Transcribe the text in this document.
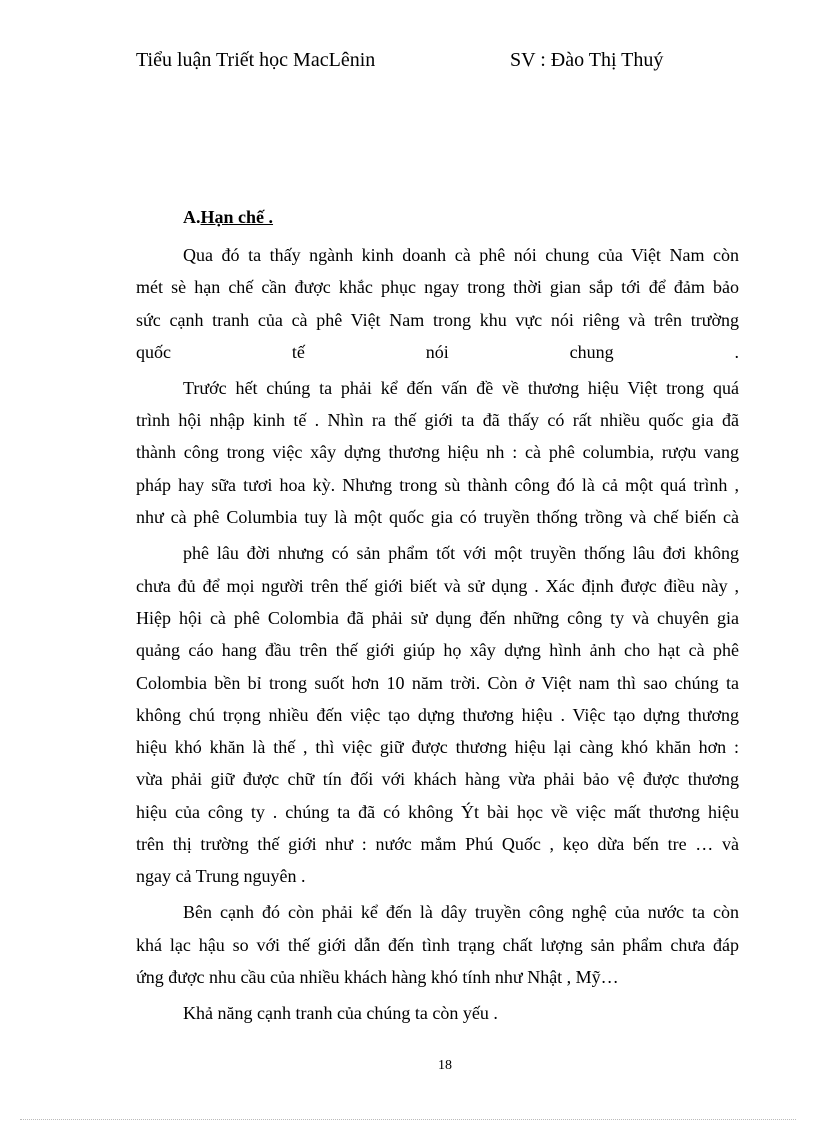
Tiểu luận Triết học MacLênin	SV : Đào Thị Thuý
A.Hạn chế .
Qua đó ta thấy ngành kinh doanh cà phê nói chung của Việt Nam còn
mét sè hạn chế cần được khắc phục ngay trong thời gian sắp tới để đảm bảo
sức cạnh tranh của cà phê Việt Nam trong khu vực nói riêng và trên trường
quốc tế nói chung .
Trước hết chúng ta phải kể đến vấn đề về thương hiệu Việt trong quá
trình hội nhập kinh tế . Nhìn ra thế giới ta đã thấy có rất nhiều quốc gia đã
thành công trong việc xây dựng thương hiệu nh : cà phê columbia, rượu vang
pháp hay sữa tươi hoa kỳ. Nhưng trong sù thành công đó là cả một quá trình ,
như cà phê Columbia tuy là một quốc gia có truyền thống trồng và chế biến cà
phê lâu đời nhưng có sản phẩm tốt với một truyền thống lâu đơi không
chưa đủ để mọi người trên thế giới biết và sử dụng . Xác định được điều này ,
Hiệp hội cà phê Colombia đã phải sử dụng đến những công ty và chuyên gia
quảng cáo hang đầu trên thế giới giúp họ xây dựng hình ảnh cho hạt cà phê
Colombia bền bỉ trong suốt hơn 10 năm trời. Còn ở Việt nam thì sao chúng ta
không chú trọng nhiều đến việc tạo dựng thương hiệu . Việc tạo dựng thương
hiệu khó khăn là thế , thì việc giữ được thương hiệu lại càng khó khăn hơn :
vừa phải giữ được chữ tín đối với khách hàng vừa phải bảo vệ được thương
hiệu của công ty . chúng ta đã có không Ýt bài học về việc mất thương hiệu
trên thị trường thế giới như : nước mắm Phú Quốc , kẹo dừa bến tre … và
ngay cả Trung nguyên .
Bên cạnh đó còn phải kể đến là dây truyền công nghệ của nước ta còn
khá lạc hậu so với thế giới dẫn đến tình trạng chất lượng sản phẩm chưa đáp
ứng được nhu cầu của nhiều khách hàng khó tính như Nhật , Mỹ…
Khả năng cạnh tranh của chúng ta còn yếu .
18
